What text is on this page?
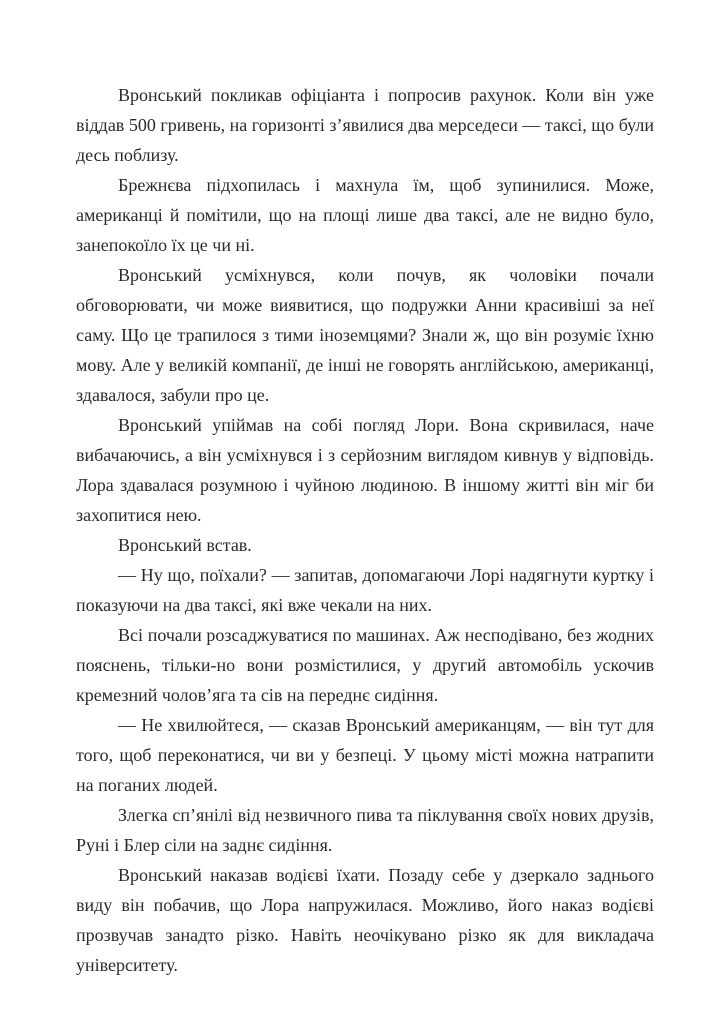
Вронський покликав офіціанта і попросив рахунок. Коли він уже віддав 500 гривень, на горизонті з’явилися два мерседеси — таксі, що були десь поблизу.

Брежнєва підхопилась і махнула їм, щоб зупинилися. Може, американці й помітили, що на площі лише два таксі, але не видно було, занепокоїло їх це чи ні.

Вронський усміхнувся, коли почув, як чоловіки почали обговорювати, чи може виявитися, що подружки Анни красивіші за неї саму. Що це трапилося з тими іноземцями? Знали ж, що він розуміє їхню мову. Але у великій компанії, де інші не говорять англійською, американці, здавалося, забули про це.

Вронський упіймав на собі погляд Лори. Вона скривилася, наче вибачаючись, а він усміхнувся і з серйозним виглядом кивнув у відповідь. Лора здавалася розумною і чуйною людиною. В іншому житті він міг би захопитися нею.

Вронський встав.

— Ну що, поїхали? — запитав, допомагаючи Лорі надягнути куртку і показуючи на два таксі, які вже чекали на них.

Всі почали розсаджуватися по машинах. Аж несподівано, без жодних пояснень, тільки-но вони розмістилися, у другий автомобіль ускочив кремезний чолов’яга та сів на переднє сидіння.

— Не хвилюйтеся, — сказав Вронський американцям, — він тут для того, щоб переконатися, чи ви у безпеці. У цьому місті можна натрапити на поганих людей.

Злегка сп’янілі від незвичного пива та піклування своїх нових друзів, Руні і Блер сіли на заднє сидіння.

Вронський наказав водієві їхати. Позаду себе у дзеркало заднього виду він побачив, що Лора напружилася. Можливо, його наказ водієві прозвучав занадто різко. Навіть неочікувано різко як для викладача університету.
